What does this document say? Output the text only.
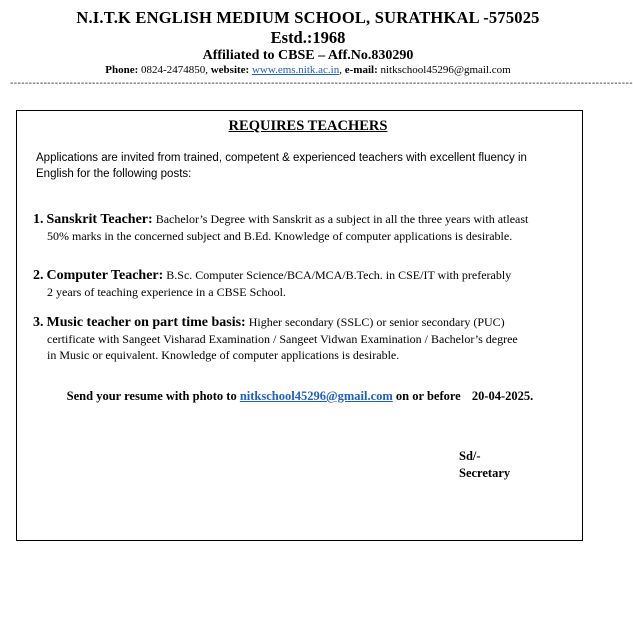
N.I.T.K ENGLISH MEDIUM SCHOOL, SURATHKAL -575025
Estd.:1968
Affiliated to CBSE – Aff.No.830290
Phone: 0824-2474850, website: www.ems.nitk.ac.in, e-mail: nitkschool45296@gmail.com
-----------------------------------------------------------------------------------------------------------------------------------------------------------------------
REQUIRES TEACHERS
Applications are invited from trained, competent & experienced teachers with excellent fluency in English for the following posts:
1. Sanskrit Teacher: Bachelor’s Degree with Sanskrit as a subject in all the three years with atleast
50% marks in the concerned subject and B.Ed. Knowledge of computer applications is desirable.
2. Computer Teacher: B.Sc. Computer Science/BCA/MCA/B.Tech. in CSE/IT with preferably
2 years of teaching experience in a CBSE School.
3. Music teacher on part time basis: Higher secondary (SSLC) or senior secondary (PUC)
certificate with Sangeet Visharad Examination / Sangeet Vidwan Examination / Bachelor’s degree
in Music or equivalent. Knowledge of computer applications is desirable.
Send your resume with photo to nitkschool45296@gmail.com on or before 20-04-2025.
Sd/-
Secretary
